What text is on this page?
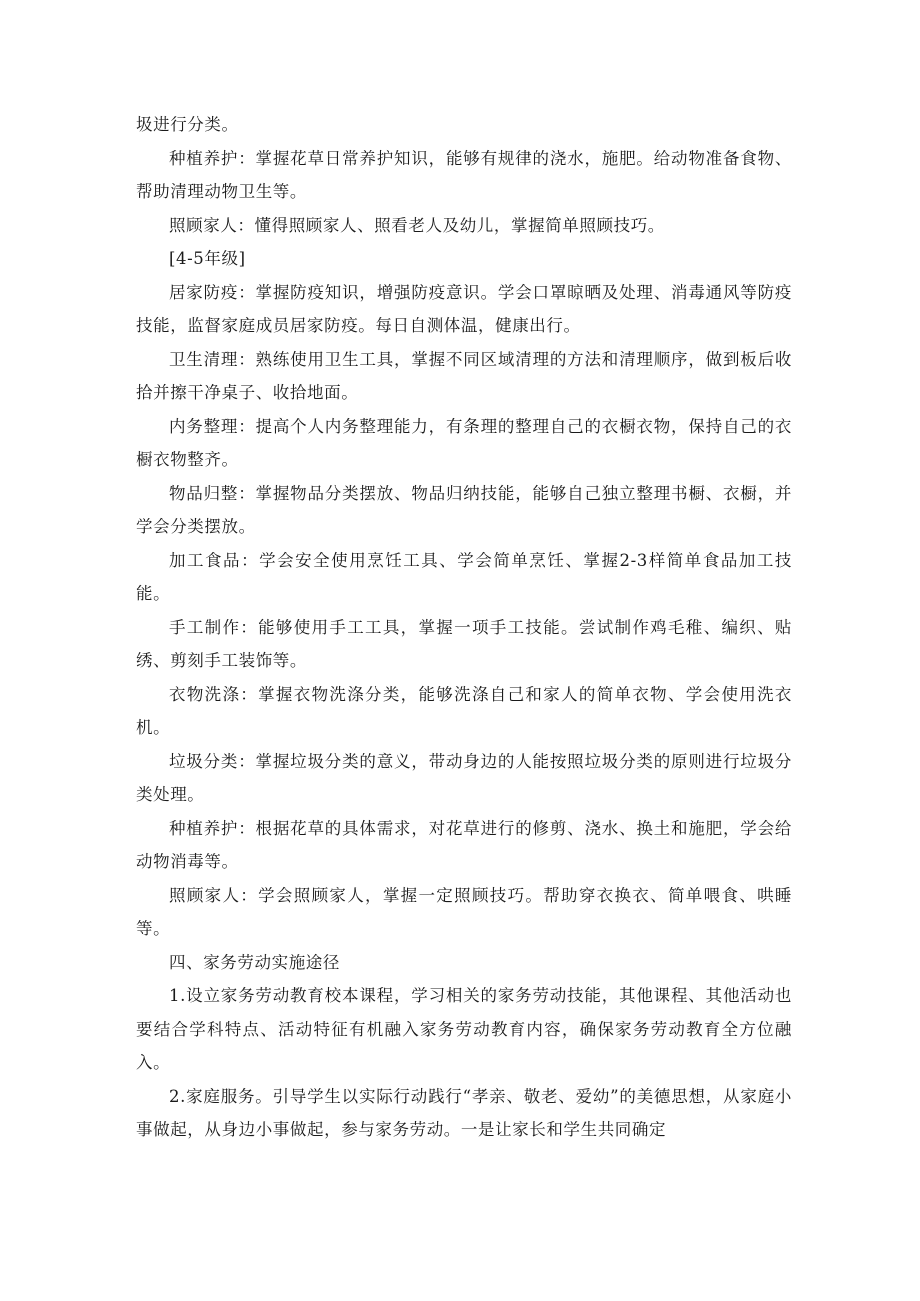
圾进行分类。

种植养护：掌握花草日常养护知识，能够有规律的浇水，施肥。给动物准备食物、帮助清理动物卫生等。

照顾家人：懂得照顾家人、照看老人及幼儿，掌握简单照顾技巧。

[4-5年级]

居家防疫：掌握防疫知识，增强防疫意识。学会口罩晾晒及处理、消毒通风等防疫技能，监督家庭成员居家防疫。每日自测体温，健康出行。

卫生清理：熟练使用卫生工具，掌握不同区域清理的方法和清理顺序，做到板后收拾并擦干净桌子、收拾地面。

内务整理：提高个人内务整理能力，有条理的整理自己的衣橱衣物，保持自己的衣橱衣物整齐。

物品归整：掌握物品分类摆放、物品归纳技能，能够自己独立整理书橱、衣橱，并学会分类摆放。

加工食品：学会安全使用烹饪工具、学会简单烹饪、掌握2-3样简单食品加工技能。

手工制作：能够使用手工工具，掌握一项手工技能。尝试制作鸡毛稚、编织、贴绣、剪刻手工装饰等。

衣物洗涤：掌握衣物洗涤分类，能够洗涤自己和家人的简单衣物、学会使用洗衣机。

垃圾分类：掌握垃圾分类的意义，带动身边的人能按照垃圾分类的原则进行垃圾分类处理。

种植养护：根据花草的具体需求，对花草进行的修剪、浇水、换土和施肥，学会给动物消毒等。

照顾家人：学会照顾家人，掌握一定照顾技巧。帮助穿衣换衣、简单喂食、哄睡等。

四、家务劳动实施途径

1.设立家务劳动教育校本课程，学习相关的家务劳动技能，其他课程、其他活动也要结合学科特点、活动特征有机融入家务劳动教育内容，确保家务劳动教育全方位融入。

2.家庭服务。引导学生以实际行动践行“孝亲、敬老、爱幼”的美德思想，从家庭小事做起，从身边小事做起，参与家务劳动。一是让家长和学生共同确定
